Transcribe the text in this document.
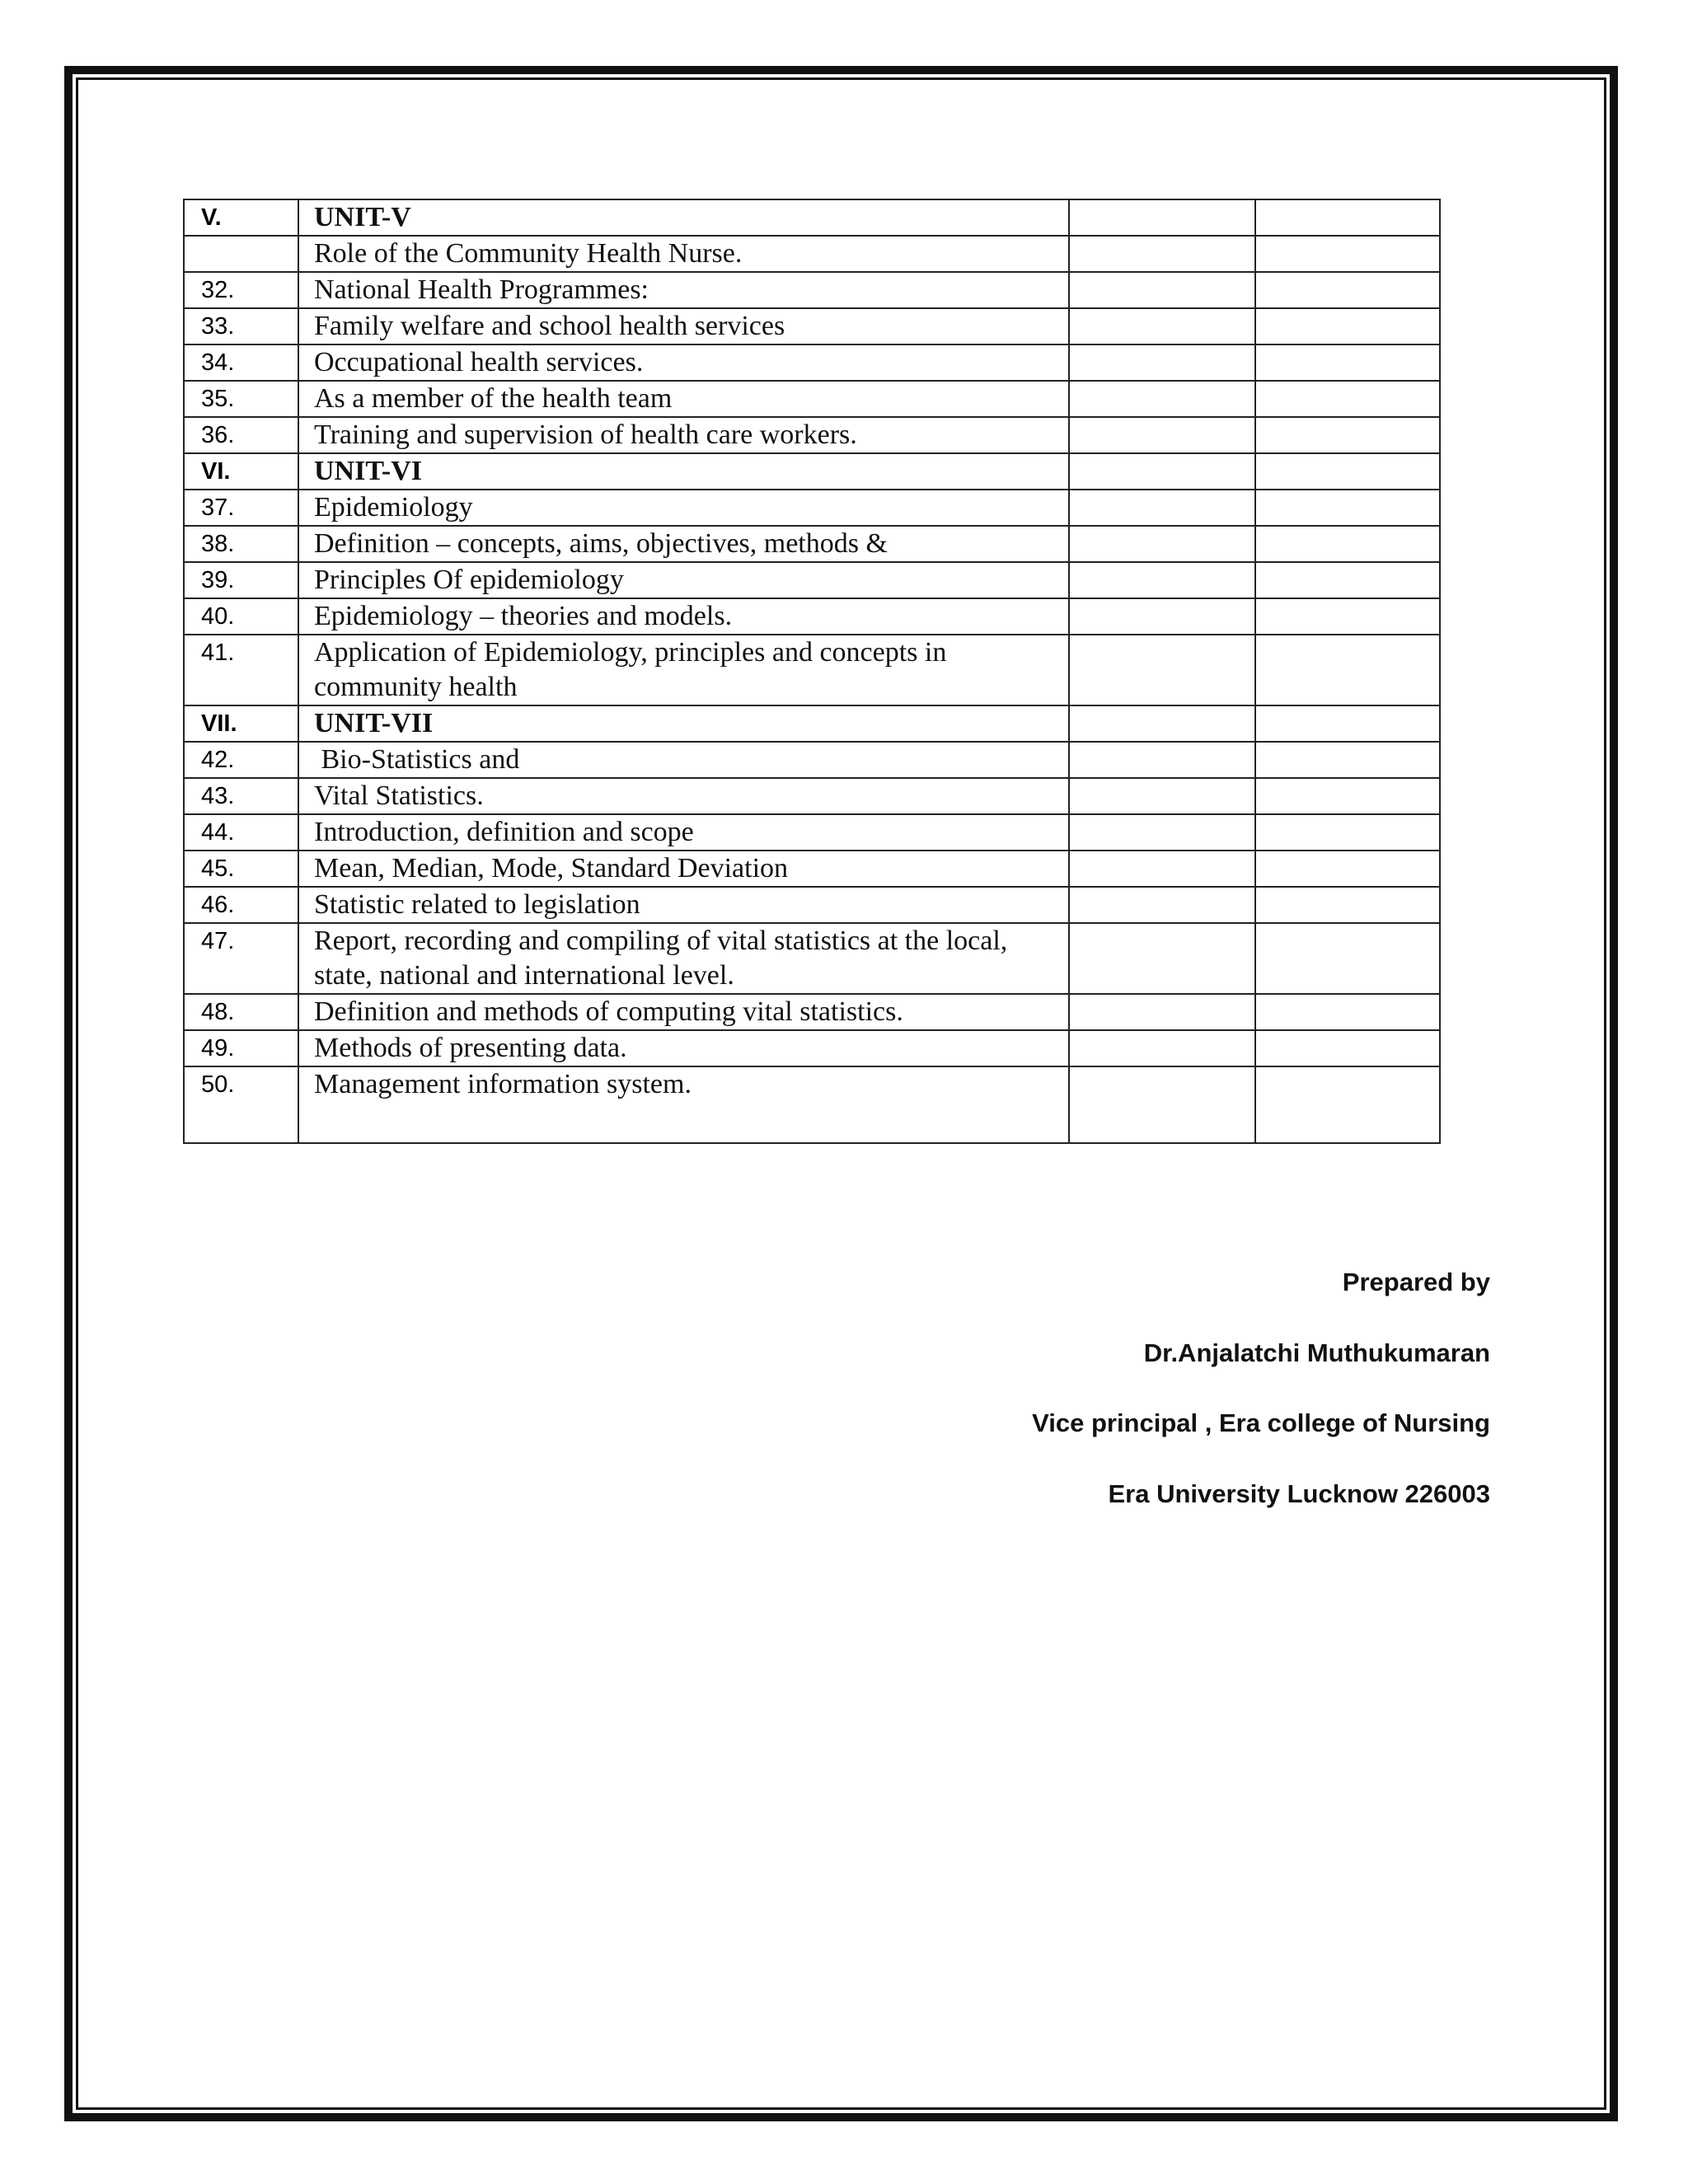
V.	UNIT-V		
	Role of the Community Health Nurse.		
32.	National Health Programmes:		
33.	Family welfare and school health services		
34.	Occupational health services.		
35.	As a member of the health team		
36.	Training and supervision of health care workers.		
VI.	UNIT-VI		
37.	Epidemiology		
38.	Definition – concepts, aims, objectives, methods &		
39.	Principles Of epidemiology		
40.	Epidemiology – theories and models.		
41.	Application of Epidemiology, principles and concepts in community health		
VII.	UNIT-VII		
42.	Bio-Statistics and		
43.	Vital Statistics.		
44.	Introduction, definition and scope		
45.	Mean, Median, Mode, Standard Deviation		
46.	Statistic related to legislation		
47.	Report, recording and compiling of vital statistics at the local, state, national and international level.		
48.	Definition and methods of computing vital statistics.		
49.	Methods of presenting data.		
50.	Management information system.		
Prepared by
Dr.Anjalatchi Muthukumaran
Vice principal , Era college of Nursing
Era University Lucknow 226003
